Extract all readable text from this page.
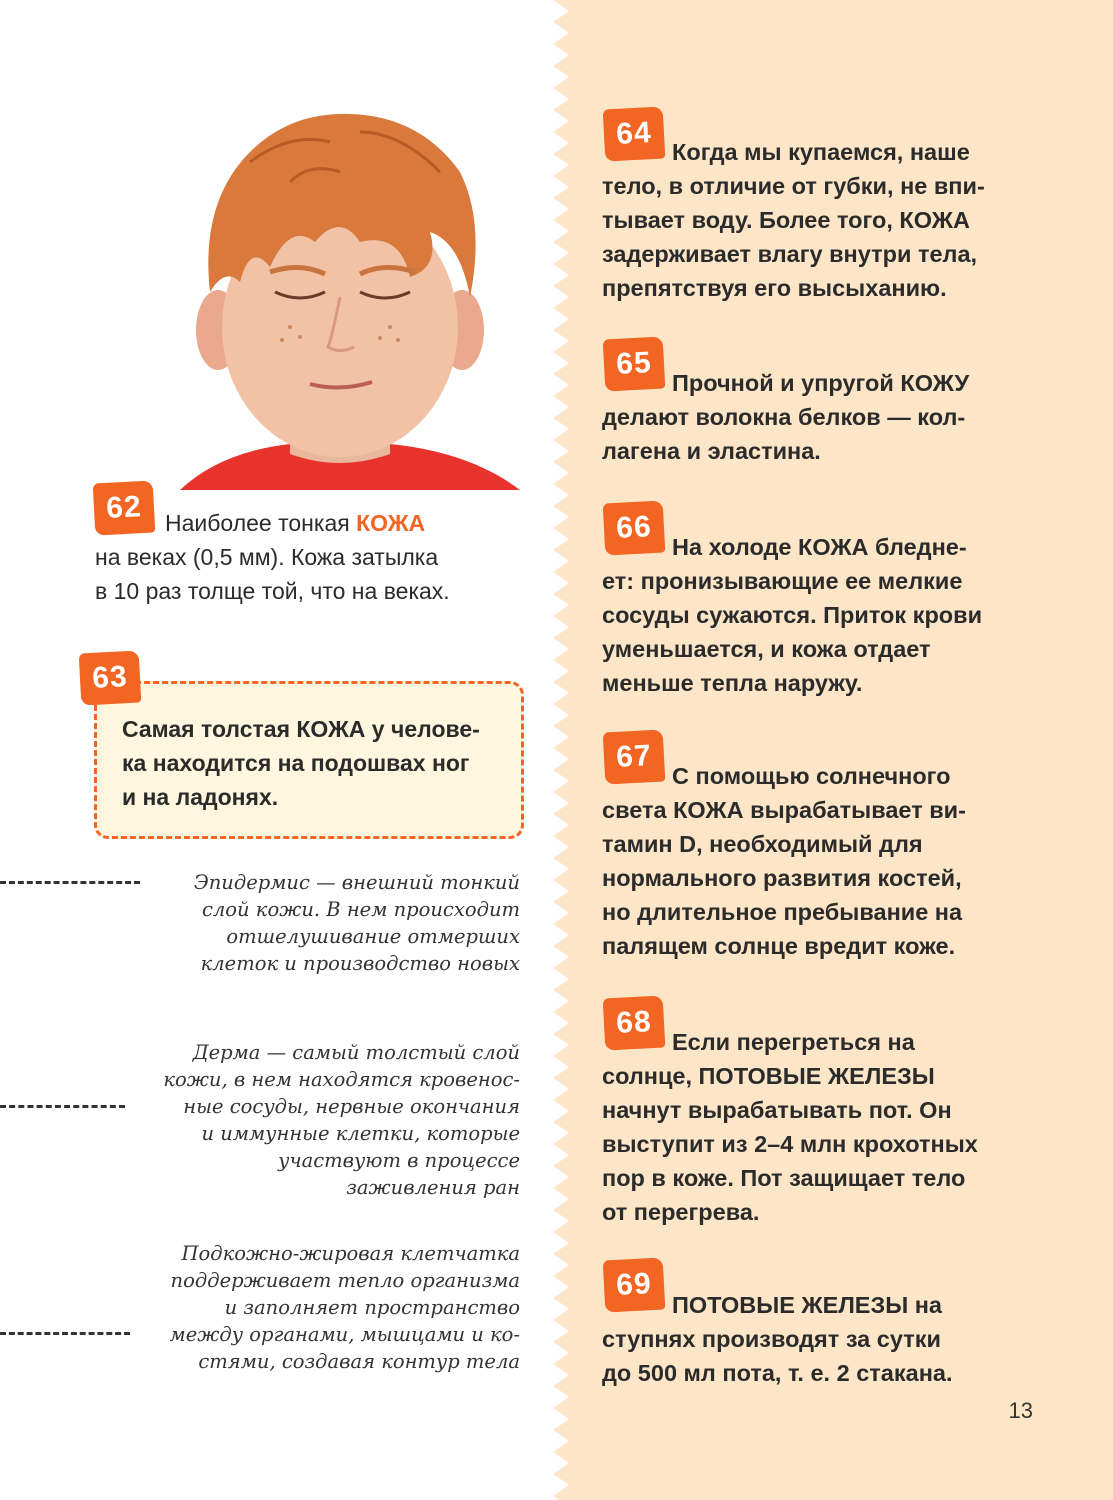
62 Наиболее тонкая КОЖА
на веках (0,5 мм). Кожа затылка
в 10 раз толще той, что на веках.
Самая толстая КОЖА у челове-
ка находится на подошвах ног
и на ладонях.
63
Эпидермис — внешний тонкий
слой кожи. В нем происходит
отшелушивание отмерших
клеток и производство новых
Дерма — самый толстый слой
кожи, в нем находятся кровенос-
ные сосуды, нервные окончания
и иммунные клетки, которые
участвуют в процессе
заживления ран
Подкожно-жировая клетчатка
поддерживает тепло организма
и заполняет пространство
между органами, мышцами и ко-
стями, создавая контур тела
64
Когда мы купаемся, наше
тело, в отличие от губки, не впи-
тывает воду. Более того, КОЖА
задерживает влагу внутри тела,
препятствуя его высыханию.
65
Прочной и упругой КОЖУ
делают волокна белков — кол-
лагена и эластина.
66
На холоде КОЖА бледне-
ет: пронизывающие ее мелкие
сосуды сужаются. Приток крови
уменьшается, и кожа отдает
меньше тепла наружу.
67
С помощью солнечного
света КОЖА вырабатывает ви-
тамин D, необходимый для
нормального развития костей,
но длительное пребывание на
палящем солнце вредит коже.
68
Если перегреться на
солнце, ПОТОВЫЕ ЖЕЛЕЗЫ
начнут вырабатывать пот. Он
выступит из 2–4 млн крохотных
пор в коже. Пот защищает тело
от перегрева.
69
ПОТОВЫЕ ЖЕЛЕЗЫ на
ступнях производят за сутки
до 500 мл пота, т. е. 2 стакана.
13
